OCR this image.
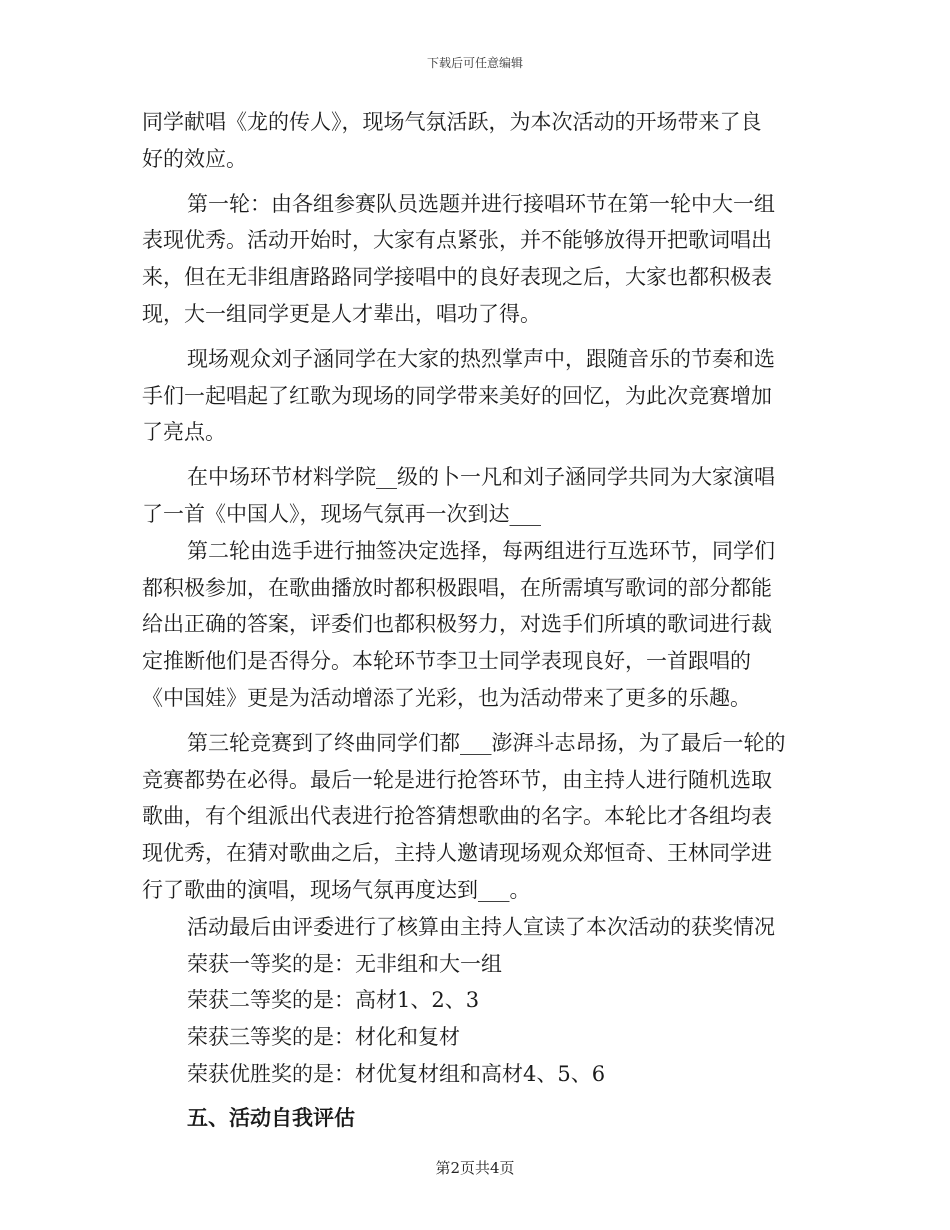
下载后可任意编辑
同学献唱《龙的传人》，现场气氛活跃，为本次活动的开场带来了良
好的效应。
第一轮：由各组参赛队员选题并进行接唱环节在第一轮中大一组
表现优秀。活动开始时，大家有点紧张，并不能够放得开把歌词唱出
来，但在无非组唐路路同学接唱中的良好表现之后，大家也都积极表
现，大一组同学更是人才辈出，唱功了得。
现场观众刘子涵同学在大家的热烈掌声中，跟随音乐的节奏和选
手们一起唱起了红歌为现场的同学带来美好的回忆，为此次竞赛增加
了亮点。
在中场环节材料学院__级的卜一凡和刘子涵同学共同为大家演唱
了一首《中国人》，现场气氛再一次到达___
第二轮由选手进行抽签决定选择，每两组进行互选环节，同学们
都积极参加，在歌曲播放时都积极跟唱，在所需填写歌词的部分都能
给出正确的答案，评委们也都积极努力，对选手们所填的歌词进行裁
定推断他们是否得分。本轮环节李卫士同学表现良好，一首跟唱的
《中国娃》更是为活动增添了光彩，也为活动带来了更多的乐趣。
第三轮竞赛到了终曲同学们都___澎湃斗志昂扬，为了最后一轮的
竞赛都势在必得。最后一轮是进行抢答环节，由主持人进行随机选取
歌曲，有个组派出代表进行抢答猜想歌曲的名字。本轮比才各组均表
现优秀，在猜对歌曲之后，主持人邀请现场观众郑恒奇、王林同学进
行了歌曲的演唱，现场气氛再度达到___。
活动最后由评委进行了核算由主持人宣读了本次活动的获奖情况
荣获一等奖的是：无非组和大一组
荣获二等奖的是：高材1、2、3
荣获三等奖的是：材化和复材
荣获优胜奖的是：材优复材组和高材4、5、6
五、活动自我评估
第2页共4页
